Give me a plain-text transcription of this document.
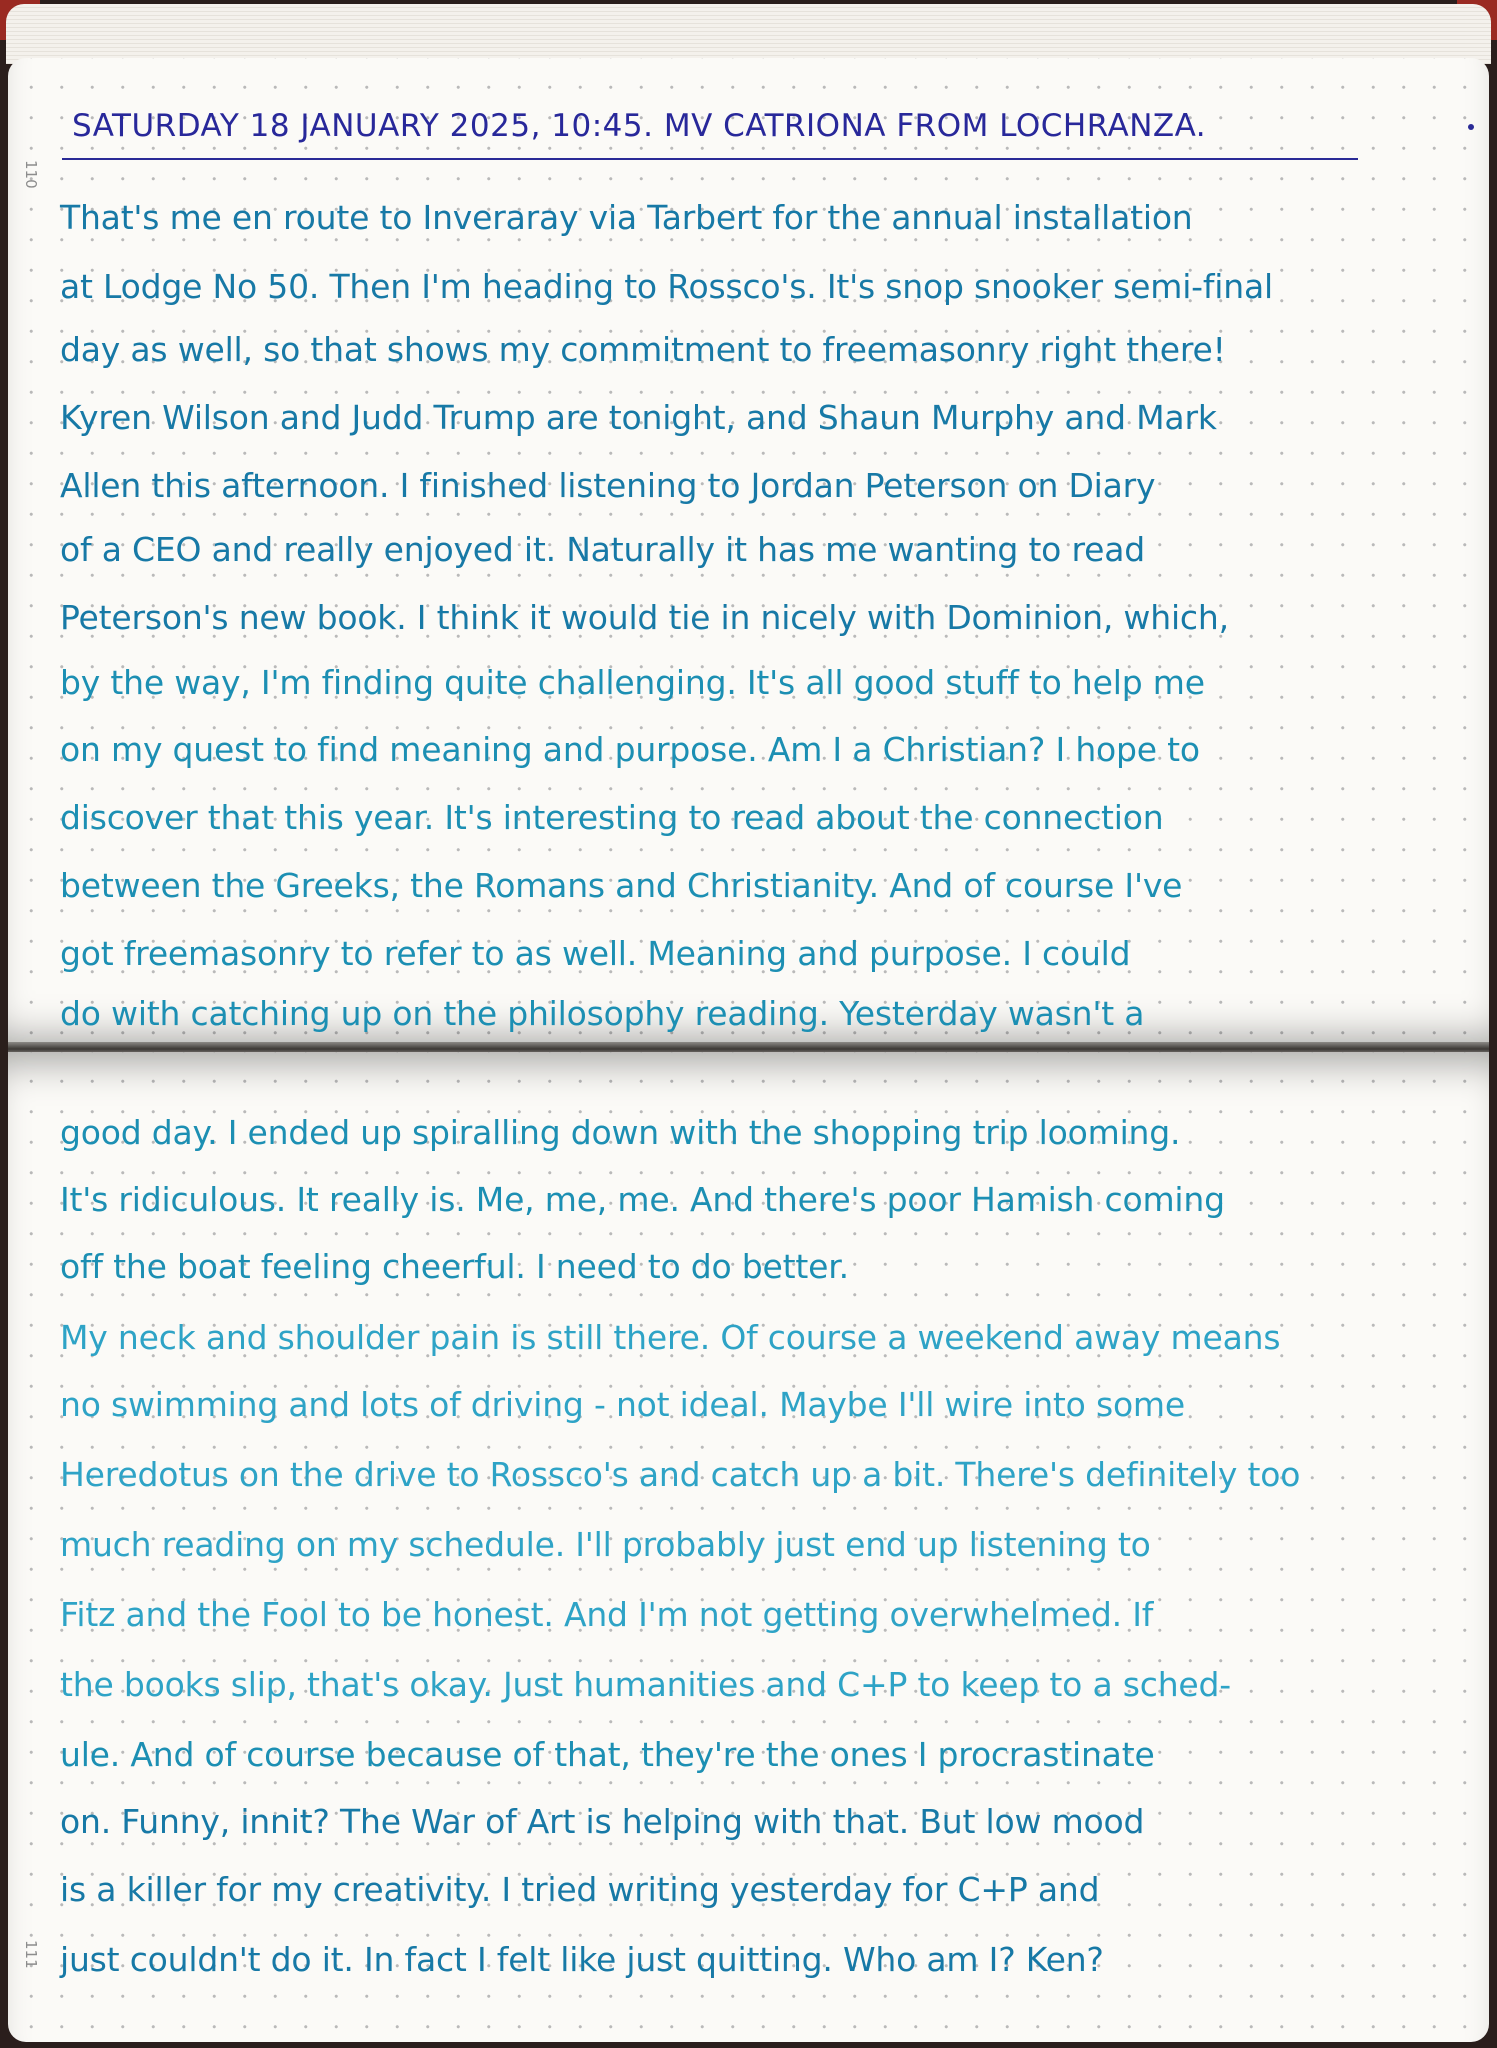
110
111
SATURDAY 18 JANUARY 2025, 10:45. MV CATRIONA FROM LOCHRANZA.
That's me en route to Inveraray via Tarbert for the annual installation
at Lodge No 50. Then I'm heading to Rossco's. It's snop snooker semi-final
day as well, so that shows my commitment to freemasonry right there!
Kyren Wilson and Judd Trump are tonight, and Shaun Murphy and Mark
Allen this afternoon. I finished listening to Jordan Peterson on Diary
of a CEO and really enjoyed it. Naturally it has me wanting to read
Peterson's new book. I think it would tie in nicely with Dominion, which,
by the way, I'm finding quite challenging. It's all good stuff to help me
on my quest to find meaning and purpose. Am I a Christian? I hope to
discover that this year. It's interesting to read about the connection
between the Greeks, the Romans and Christianity. And of course I've
got freemasonry to refer to as well. Meaning and purpose. I could
do with catching up on the philosophy reading. Yesterday wasn't a
good day. I ended up spiralling down with the shopping trip looming.
It's ridiculous. It really is. Me, me, me. And there's poor Hamish coming
off the boat feeling cheerful. I need to do better.
My neck and shoulder pain is still there. Of course a weekend away means
no swimming and lots of driving - not ideal. Maybe I'll wire into some
Heredotus on the drive to Rossco's and catch up a bit. There's definitely too
much reading on my schedule. I'll probably just end up listening to
Fitz and the Fool to be honest. And I'm not getting overwhelmed. If
the books slip, that's okay. Just humanities and C+P to keep to a sched-
ule. And of course because of that, they're the ones I procrastinate
on. Funny, innit? The War of Art is helping with that. But low mood
is a killer for my creativity. I tried writing yesterday for C+P and
just couldn't do it. In fact I felt like just quitting. Who am I? Ken?
